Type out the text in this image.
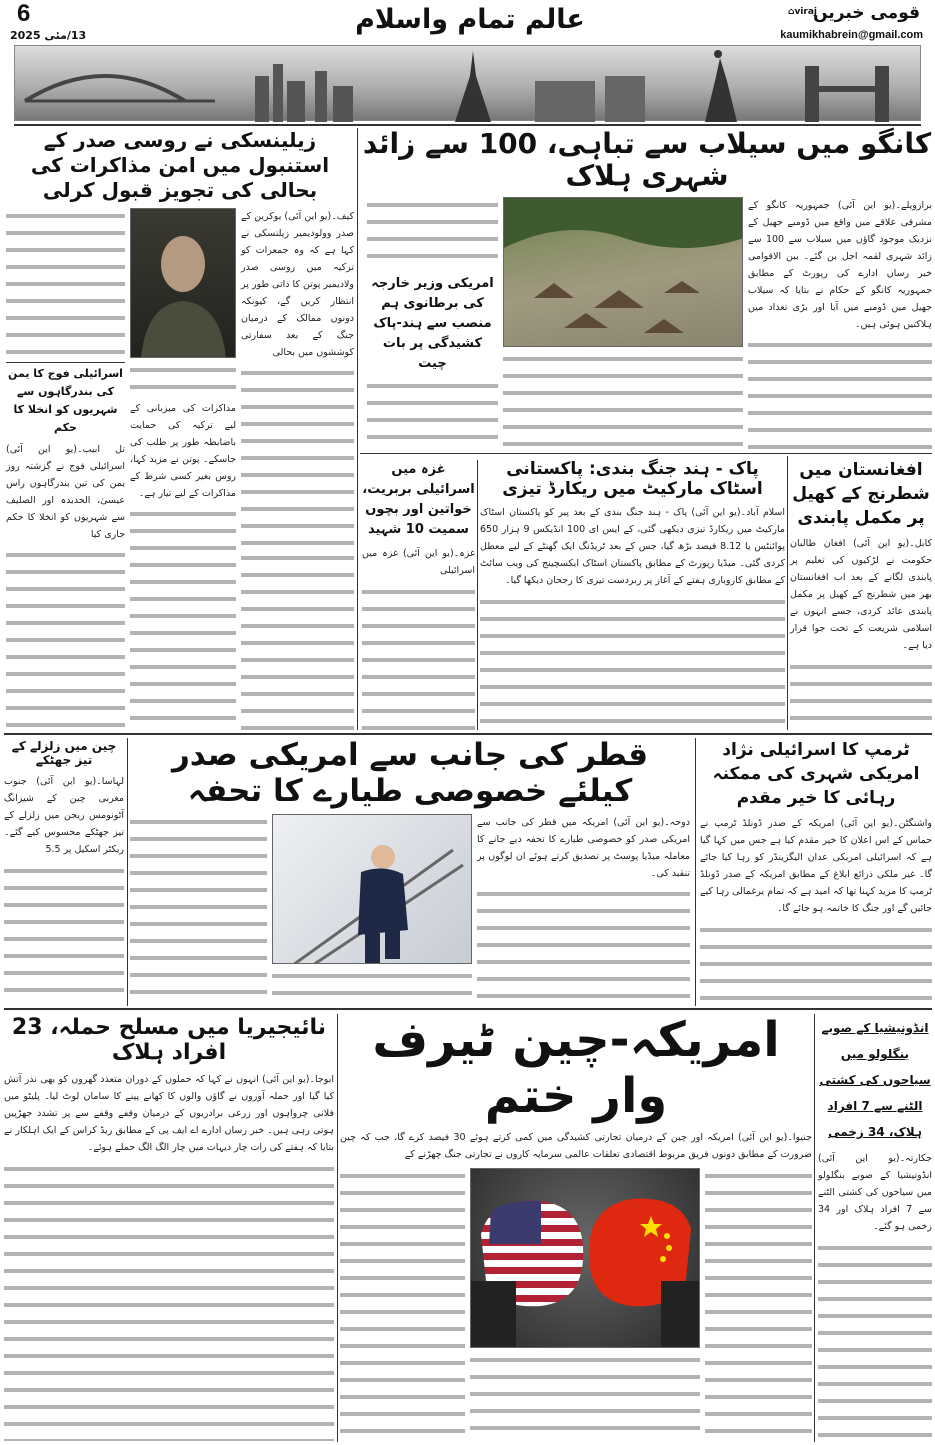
⌂viraj
قومی خبریں
kaumikhabrein@gmail.com
عالم تمام واسلام
6
13/مئی 2025
کانگو میں سیلاب سے تباہی، 100 سے زائد شہری ہلاک
برازویلے۔(یو این آئی) جمہوریہ کانگو کے مشرقی علاقے میں واقع میں ڈومبے جھیل کے نزدیک موجود گاؤں میں سیلاب سے 100 سے زائد شہری لقمہ اجل بن گئے۔ بین الاقوامی خبر رساں ادارے کی رپورٹ کے مطابق جمہوریہ کانگو کے حکام نے بتایا کہ سیلاب جھیل میں ڈومبے میں آیا اور بڑی تعداد میں ہلاکتیں ہوئی ہیں۔
امریکی وزیر خارجہ کی برطانوی ہم منصب سے ہند-پاک کشیدگی پر بات چیت
زیلینسکی نے روسی صدر کے استنبول میں امن مذاکرات کی بحالی کی تجویز قبول کرلی
کیف۔(یو این آئی) یوکرین کے صدر وولودیمیر زیلنسکی نے کہا ہے کہ وہ جمعرات کو ترکیہ میں روسی صدر ولادیمیر پوتن کا ذاتی طور پر انتظار کریں گے، کیونکہ دونوں ممالک کے درمیان جنگ کے بعد سفارتی کوششوں میں بحالی
مذاکرات کی میزبانی کے لیے ترکیہ کی حمایت باضابطہ طور پر طلب کی جاسکے۔ پوتن نے مزید کہا، روس بغیر کسی شرط کے مذاکرات کے لیے تیار ہے۔
اسرائیلی فوج کا یمن کی بندرگاہوں سے شہریوں کو انخلا کا حکم
تل ابیب۔(یو این آئی) اسرائیلی فوج نے گزشتہ روز یمن کی تین بندرگاہوں راس عیسیٰ، الحدیدہ اور الصلیف سے شہریوں کو انخلا کا حکم جاری کیا
افغانستان میں شطرنج کے کھیل پر مکمل پابندی
کابل۔(یو این آئی) افغان طالبان حکومت نے لڑکیوں کی تعلیم پر پابندی لگانے کے بعد اب افغانستان بھر میں شطرنج کے کھیل پر مکمل پابندی عائد کردی، جسے انہوں نے اسلامی شریعت کے تحت جوا قرار دیا ہے۔
پاک - ہند جنگ بندی: پاکستانی اسٹاک مارکیٹ میں ریکارڈ تیزی
اسلام آباد۔(یو این آئی) پاک - ہند جنگ بندی کے بعد پیر کو پاکستان اسٹاک مارکیٹ میں ریکارڈ تیزی دیکھی گئی، کے ایس ای 100 انڈیکس 9 ہزار 650 پوائنٹس یا 8.12 فیصد بڑھ گیا، جس کے بعد ٹریڈنگ ایک گھنٹے کے لیے معطل کردی گئی۔ میڈیا رپورٹ کے مطابق پاکستان اسٹاک ایکسچینج کی ویب سائٹ کے مطابق کاروباری ہفتے کے آغاز پر زبردست تیزی کا رجحان دیکھا گیا۔
غزہ میں اسرائیلی بربریت، خواتین اور بچوں سمیت 10 شہید
غزہ۔(یو این آئی) غزہ میں اسرائیلی
ٹرمپ کا اسرائیلی نژاد امریکی شہری کی ممکنہ رہائی کا خیر مقدم
واشنگٹن۔(یو این آئی) امریکہ کے صدر ڈونلڈ ٹرمپ نے حماس کے اس اعلان کا خیر مقدم کیا ہے جس میں کہا گیا ہے کہ اسرائیلی امریکی عدان الیگزینڈر کو رہا کیا جائے گا۔ غیر ملکی ذرائع ابلاغ کے مطابق امریکہ کے صدر ڈونلڈ ٹرمپ کا مزید کہنا تھا کہ امید ہے کہ تمام یرغمالی رہا کیے جائیں گے اور جنگ کا خاتمہ ہو جائے گا۔
قطر کی جانب سے امریکی صدر کیلئے خصوصی طیارے کا تحفہ
دوحہ۔(یو این آئی) امریکہ میں قطر کی جانب سے امریکی صدر کو خصوصی طیارے کا تحفہ دیے جانے کا معاملہ میڈیا پوسٹ پر تصدیق کرتے ہوئے ان لوگوں پر تنقید کی۔
چین میں زلزلے کے تیز جھٹکے
لہاسا۔(یو این آئی) جنوب مغربی چین کے شیزانگ آٹونومس ریجن میں زلزلے کے تیز جھٹکے محسوس کیے گئے۔ ریکٹر اسکیل پر 5.5
انڈونیشیا کے صوبے بنگلولو میں سیاحوں کی کشتی الٹنے سے 7 افراد ہلاک، 34 زخمی
جکارتہ۔(یو این آئی) انڈونیشیا کے صوبے بنگلولو میں سیاحوں کی کشتی الٹنے سے 7 افراد ہلاک اور 34 زخمی ہو گئے۔
امریکہ-چین ٹیرف وار ختم
جنیوا۔(یو این آئی) امریکہ اور چین کے درمیان تجارتی کشیدگی میں کمی کرتے ہوئے 30 فیصد کرے گا، جب کہ چین ضرورت کے مطابق دونوں فریق مربوط اقتصادی تعلقات عالمی سرمایہ کاروں نے تجارتی جنگ چھڑنے کے
نائیجیریا میں مسلح حملہ، 23 افراد ہلاک
ابوجا۔(یو این آئی) انہوں نے کہا کہ حملوں کے دوران متعدد گھروں کو بھی نذر آتش کیا گیا اور حملہ آوروں نے گاؤں والوں کا کھانے پینے کا سامان لوٹ لیا۔ پلیٹو میں فلانی چرواہوں اور زرعی برادریوں کے درمیان وقفے وقفے سے پر تشدد جھڑپیں ہوتی رہی ہیں۔ خبر رساں ادارے اے ایف پی کے مطابق ریڈ کراس کے ایک اہلکار نے بتایا کہ ہفتے کی رات چار دیہات میں چار الگ الگ حملے ہوئے۔
